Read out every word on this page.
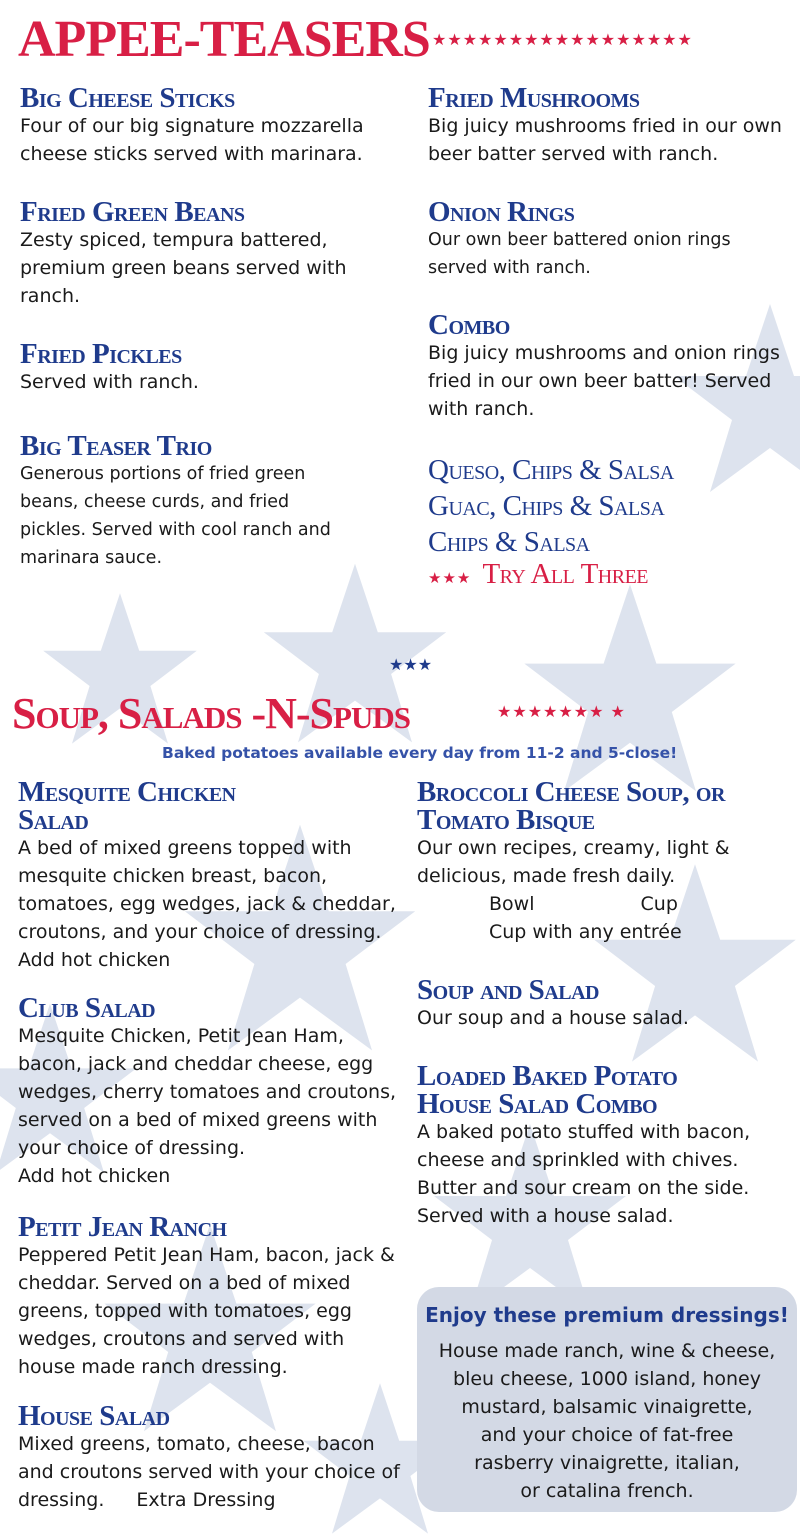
APPEE-TEASERS ★★★★★★★★★★★★★★★★★
Big Cheese Sticks

Four of our big signature mozzarella cheese sticks served with marinara.

Fried Green Beans

Zesty spiced, tempura battered, premium green beans served with ranch.

Fried Pickles

Served with ranch.

Big Teaser Trio

Generous portions of fried green beans, cheese curds, and fried pickles. Served with cool ranch and marinara sauce.

Fried Mushrooms

Big juicy mushrooms fried in our own beer batter served with ranch.

Onion Rings

Our own beer battered onion rings served with ranch.

Combo

Big juicy mushrooms and onion rings fried in our own beer batter! Served with ranch.

Queso, Chips & Salsa
Guac, Chips & Salsa
Chips & Salsa
★★★ Try All Three
★★★
Soup, Salads -N-Spuds	★★★★★★★ ★
Baked potatoes available every day from 11-2 and 5-close!
Mesquite Chicken Salad

A bed of mixed greens topped with mesquite chicken breast, bacon, tomatoes, egg wedges, jack & cheddar, croutons, and your choice of dressing.

Add hot chicken

Club Salad

Mesquite Chicken, Petit Jean Ham, bacon, jack and cheddar cheese, egg wedges, cherry tomatoes and croutons, served on a bed of mixed greens with your choice of dressing.

Add hot chicken

Petit Jean Ranch

Peppered Petit Jean Ham, bacon, jack & cheddar. Served on a bed of mixed greens, topped with tomatoes, egg wedges, croutons and served with house made ranch dressing.

House Salad

Mixed greens, tomato, cheese, bacon and croutons served with your choice of dressing. Extra Dressing

Broccoli Cheese Soup, or Tomato Bisque

Our own recipes, creamy, light & delicious, made fresh daily.

Bowl	Cup

Cup with any entrée

Soup and Salad

Our soup and a house salad.

Loaded Baked Potato House Salad Combo

A baked potato stuffed with bacon, cheese and sprinkled with chives. Butter and sour cream on the side. Served with a house salad.

Enjoy these premium dressings!
House made ranch, wine & cheese,
bleu cheese, 1000 island, honey
mustard, balsamic vinaigrette,
and your choice of fat-free
rasberry vinaigrette, italian,
or catalina french.
